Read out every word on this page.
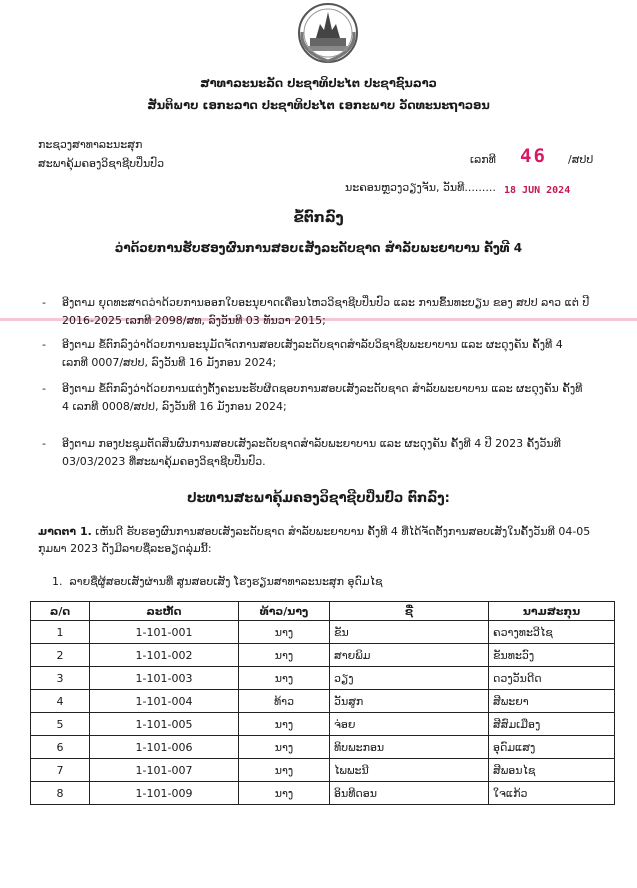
ສາທາລະນະລັດ ປະຊາທິປະໄຕ ປະຊາຊົນລາວ
ສັນຕິພາບ ເອກະລາດ ປະຊາທິປະໄຕ ເອກະພາບ ວັດທະນະຖາວອນ
ກະຊວງສາທາລະນະສຸກ
ສະພາຄຸ້ມຄອງວິຊາຊີບປິ່ນປົວ	ເລກທີ 46 /ສປປ
ນະຄອນຫຼວງວຽງຈັນ, ວັນທີ......... 18 JUN 2024
ຂໍ້ຕົກລົງ
ວ່າດ້ວຍການຮັບຮອງຜົນການສອບເສັງລະດັບຊາດ ສຳລັບພະຍາບານ ຄັ້ງທີ 4
- ອີງຕາມ ຍຸດທະສາດວ່າດ້ວຍການອອກໃບອະນຸຍາດເຄື່ອນໄຫວວິຊາຊີບປິ່ນປົວ ແລະ ການຂຶ້ນທະບຽນ ຂອງ ສປປ ລາວ ແຕ່ ປີ 2016-2025 ເລກທີ 2098/ສທ, ລົງວັນທີ 03 ທັນວາ 2015;
- ອີງຕາມ ຂໍ້ຕົກລົງວ່າດ້ວຍການອະນຸມັດຈັດການສອບເສັງລະດັບຊາດສຳລັບວິຊາຊີບພະຍາບານ ແລະ ຜະດຸງຄັນ ຄັ້ງທີ 4 ເລກທີ 0007/ສປປ, ລົງວັນທີ 16 ມັງກອນ 2024;
- ອີງຕາມ ຂໍ້ຕົກລົງວ່າດ້ວຍການແຕ່ງຕັ້ງຄະນະຮັບຜິດຊອບການສອບເສັງລະດັບຊາດ ສຳລັບພະຍາບານ ແລະ ຜະດຸງຄັນ ຄັ້ງທີ 4 ເລກທີ 0008/ສປປ, ລົງວັນທີ 16 ມັງກອນ 2024;
- ອີງຕາມ ກອງປະຊຸມຕັດສິນຜົນການສອບເສັງລະດັບຊາດສຳລັບພະຍາບານ ແລະ ຜະດຸງຄັນ ຄັ້ງທີ 4 ປີ 2023 ຄັ້ງວັນທີ 03/03/2023 ທີ່ສະພາຄຸ້ມຄອງວິຊາຊີບປິ່ນປົວ.
ປະທານສະພາຄຸ້ມຄອງວິຊາຊີບປິ່ນປົວ ຕົກລົງ:
ມາດຕາ 1. ເຫັນດີ ຮັບຮອງຜົນການສອບເສັງລະດັບຊາດ ສຳລັບພະຍາບານ ຄັ້ງທີ 4 ທີ່ໄດ້ຈັດຕັ້ງການສອບເສັງໃນຄັ້ງວັນທີ 04-05 ກຸມພາ 2023 ດັ່ງມີລາຍຊື່ລະອຽດລຸ່ມນີ້:
1. ລາຍຊື່ຜູ້ສອບເສັງຜ່ານທີ່ ສູນສອບເສັງ ໂຮງຮຽນສາທາລະນະສຸກ ອຸດົມໄຊ
ລ/ດ	ລະຫັດ	ທ້າວ/ນາງ	ຊື່	ນາມສະກຸນ
1	1-101-001	ນາງ	ຂັນ	ຄວາງທະວີໄຊ
2	1-101-002	ນາງ	ສາຍພິມ	ຂັນທະວົງ
3	1-101-003	ນາງ	ວຽງ	ດວງວັນດີດ
4	1-101-004	ທ້າວ	ວັນສູກ	ສີພະຍາ
5	1-101-005	ນາງ	ຈ່ອຍ	ສີສົມເມືອງ
6	1-101-006	ນາງ	ທິບພະກອນ	ອຸດົມແສງ
7	1-101-007	ນາງ	ໄພພະນີ	ສີພອນໄຊ
8	1-101-009	ນາງ	ອິນທີດອນ	ໃຈແກ້ວ
